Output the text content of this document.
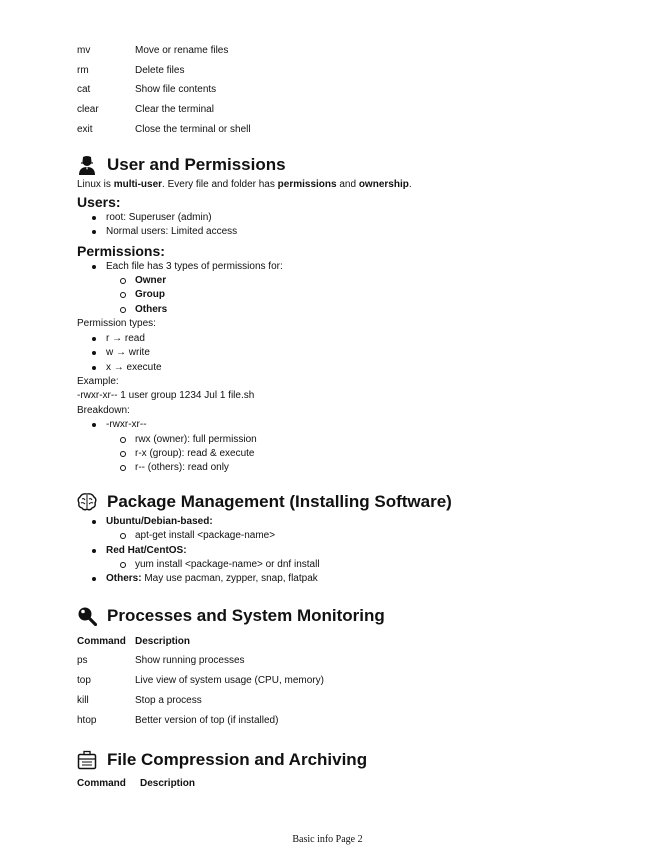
mv	Move or rename files
rm	Delete files
cat	Show file contents
clear	Clear the terminal
exit	Close the terminal or shell
User and Permissions
Linux is multi-user. Every file and folder has permissions and ownership.
Users:
root: Superuser (admin)
Normal users: Limited access
Permissions:
Each file has 3 types of permissions for:
Owner
Group
Others
Permission types:
r → read
w → write
x → execute
Example:
-rwxr-xr-- 1 user group 1234 Jul 1 file.sh
Breakdown:
-rwxr-xr--
rwx (owner): full permission
r-x (group): read & execute
r-- (others): read only
Package Management (Installing Software)
Ubuntu/Debian-based:
apt-get install <package-name>
Red Hat/CentOS:
yum install <package-name> or dnf install
Others: May use pacman, zypper, snap, flatpak
Processes and System Monitoring
Command Description
ps	Show running processes
top	Live view of system usage (CPU, memory)
kill	Stop a process
htop	Better version of top (if installed)
File Compression and Archiving
Command Description
Basic info Page 2
